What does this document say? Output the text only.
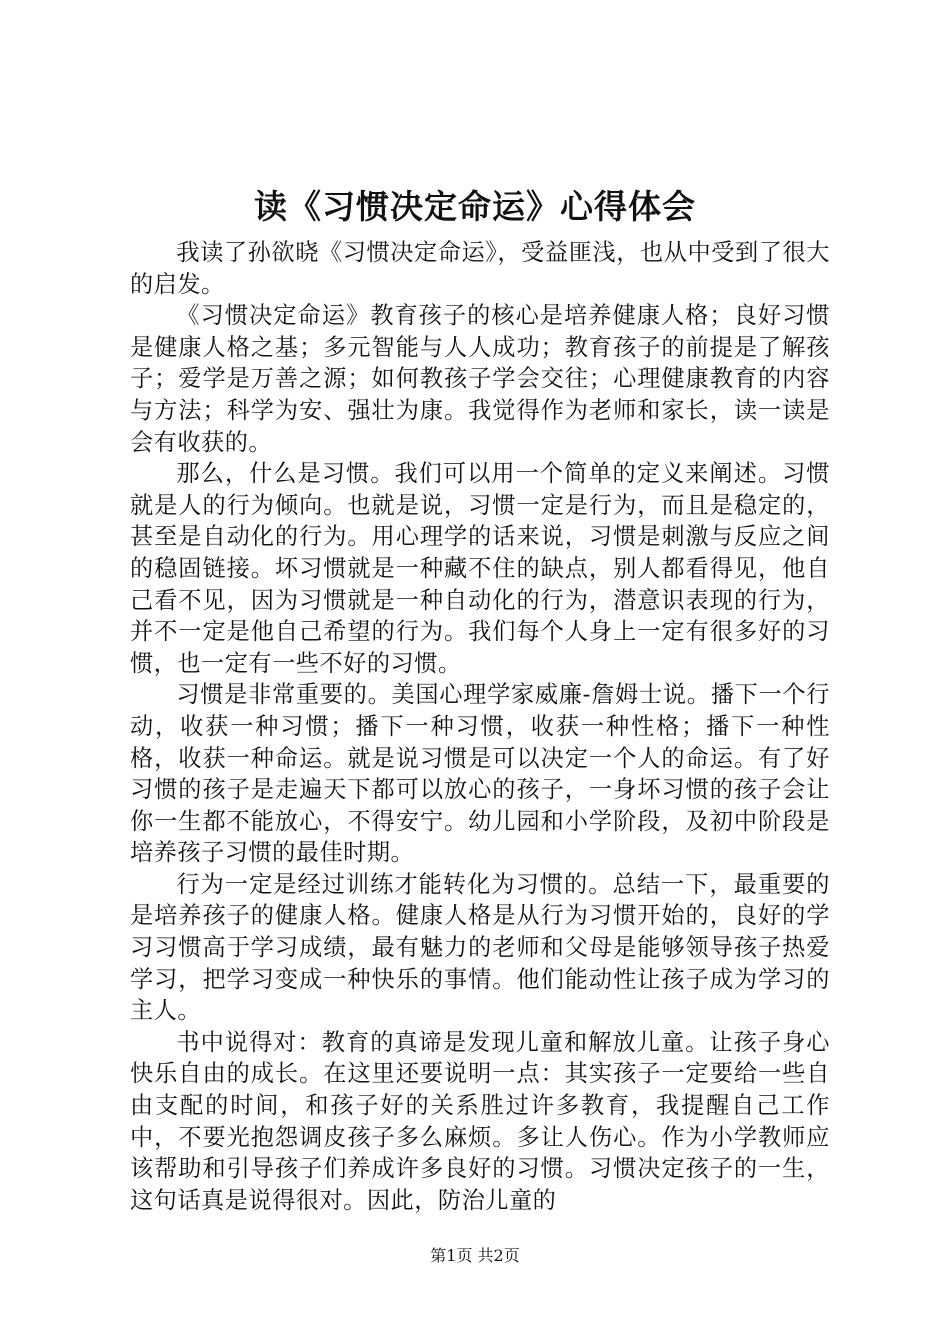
读《习惯决定命运》心得体会

我读了孙欲晓《习惯决定命运》，受益匪浅，也从中受到了很大的启发。

《习惯决定命运》教育孩子的核心是培养健康人格；良好习惯是健康人格之基；多元智能与人人成功；教育孩子的前提是了解孩子；爱学是万善之源；如何教孩子学会交往；心理健康教育的内容与方法；科学为安、强壮为康。我觉得作为老师和家长，读一读是会有收获的。

那么，什么是习惯。我们可以用一个简单的定义来阐述。习惯就是人的行为倾向。也就是说，习惯一定是行为，而且是稳定的，甚至是自动化的行为。用心理学的话来说，习惯是刺激与反应之间的稳固链接。坏习惯就是一种藏不住的缺点，别人都看得见，他自己看不见，因为习惯就是一种自动化的行为，潜意识表现的行为，并不一定是他自己希望的行为。我们每个人身上一定有很多好的习惯，也一定有一些不好的习惯。

习惯是非常重要的。美国心理学家威廉-詹姆士说。播下一个行动，收获一种习惯；播下一种习惯，收获一种性格；播下一种性格，收获一种命运。就是说习惯是可以决定一个人的命运。有了好习惯的孩子是走遍天下都可以放心的孩子，一身坏习惯的孩子会让你一生都不能放心，不得安宁。幼儿园和小学阶段，及初中阶段是培养孩子习惯的最佳时期。

行为一定是经过训练才能转化为习惯的。总结一下，最重要的是培养孩子的健康人格。健康人格是从行为习惯开始的，良好的学习习惯高于学习成绩，最有魅力的老师和父母是能够领导孩子热爱学习，把学习变成一种快乐的事情。他们能动性让孩子成为学习的主人。

书中说得对：教育的真谛是发现儿童和解放儿童。让孩子身心快乐自由的成长。在这里还要说明一点：其实孩子一定要给一些自由支配的时间，和孩子好的关系胜过许多教育，我提醒自己工作中，不要光抱怨调皮孩子多么麻烦。多让人伤心。作为小学教师应该帮助和引导孩子们养成许多良好的习惯。习惯决定孩子的一生，这句话真是说得很对。因此，防治儿童的

第1页 共2页
